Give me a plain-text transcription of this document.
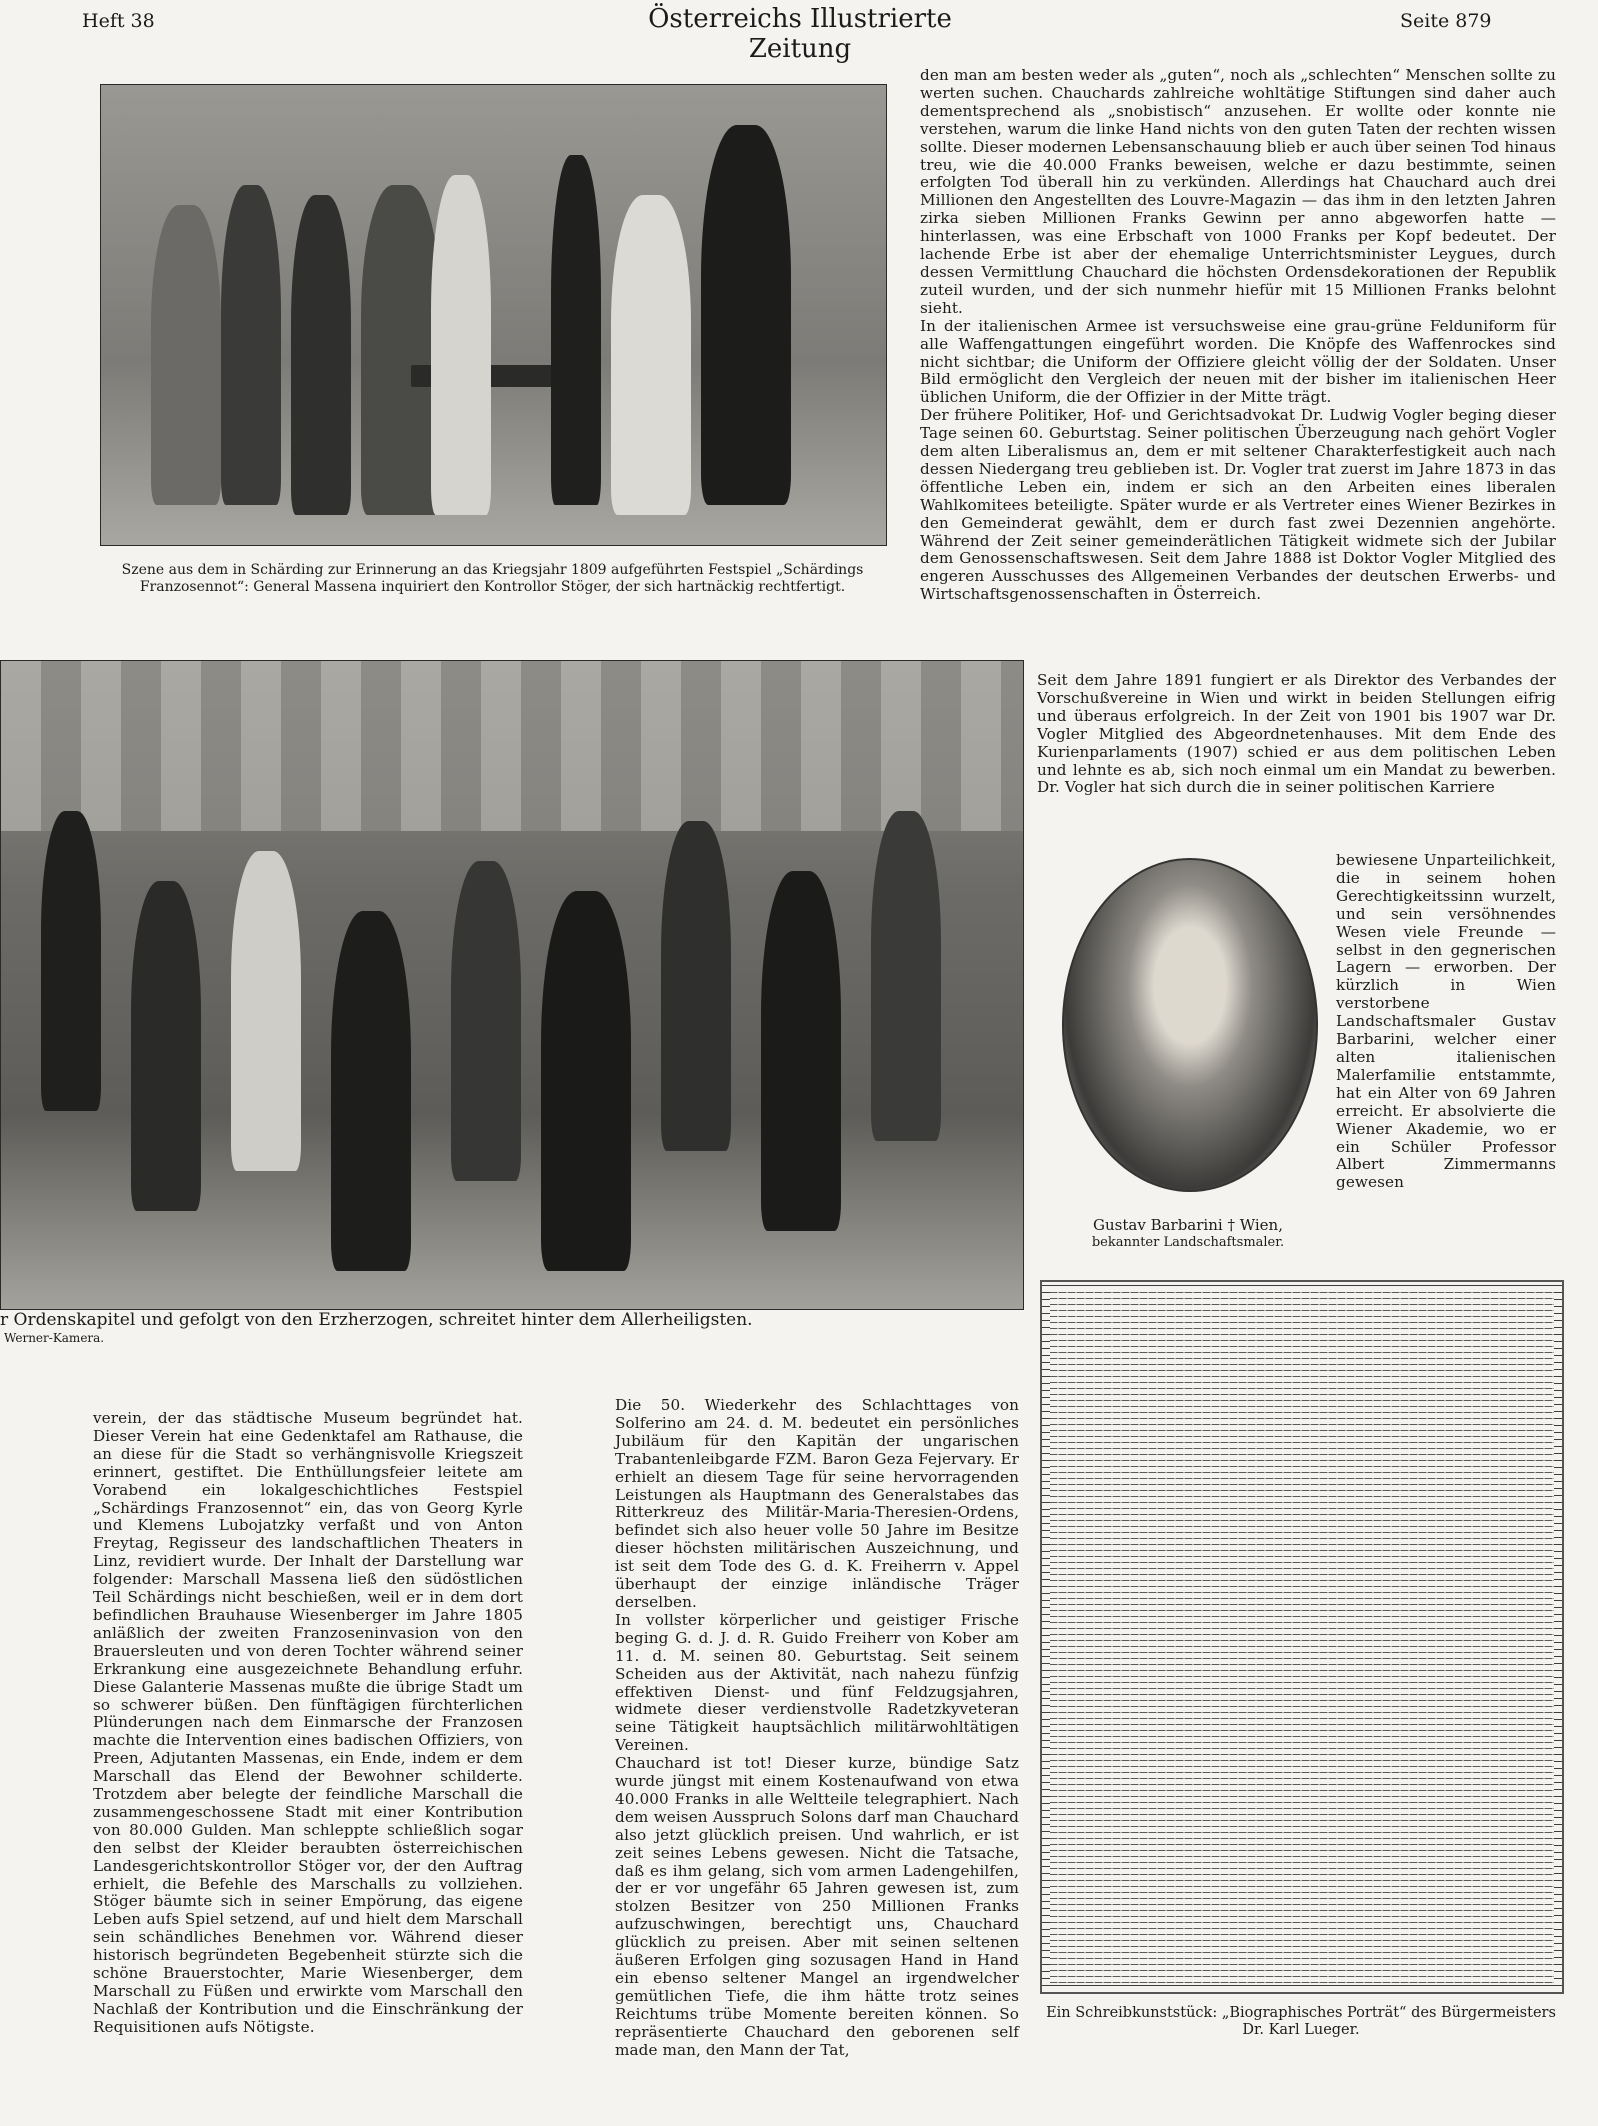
Heft 38	Österreichs Illustrierte Zeitung
Seite 879
Szene aus dem in Schärding zur Erinnerung an das Kriegsjahr 1809 aufgeführten Festspiel „Schärdings Franzosennot“: General Massena inquiriert den Kontrollor Stöger, der sich hartnäckig rechtfertigt.
r Ordenskapitel und gefolgt von den Erzherzogen, schreitet hinter dem Allerheiligsten.
Werner-Kamera.

den man am besten weder als „guten“, noch als „schlechten“ Menschen sollte zu werten suchen. Chauchards zahlreiche wohltätige Stiftungen sind daher auch dementsprechend als „snobistisch“ anzusehen. Er wollte oder konnte nie verstehen, warum die linke Hand nichts von den guten Taten der rechten wissen sollte. Dieser modernen Lebensanschauung blieb er auch über seinen Tod hinaus treu, wie die 40.000 Franks beweisen, welche er dazu bestimmte, seinen erfolgten Tod überall hin zu verkünden. Allerdings hat Chauchard auch drei Millionen den Angestellten des Louvre-Magazin — das ihm in den letzten Jahren zirka sieben Millionen Franks Gewinn per anno abgeworfen hatte — hinterlassen, was eine Erbschaft von 1000 Franks per Kopf bedeutet. Der lachende Erbe ist aber der ehemalige Unterrichtsminister Leygues, durch dessen Vermittlung Chauchard die höchsten Ordensdekorationen der Republik zuteil wurden, und der sich nunmehr hiefür mit 15 Millionen Franks belohnt sieht.

In der italienischen Armee ist versuchsweise eine grau-grüne Felduniform für alle Waffengattungen eingeführt worden. Die Knöpfe des Waffenrockes sind nicht sichtbar; die Uniform der Offiziere gleicht völlig der der Soldaten. Unser Bild ermöglicht den Vergleich der neuen mit der bisher im italienischen Heer üblichen Uniform, die der Offizier in der Mitte trägt.

Der frühere Politiker, Hof- und Gerichtsadvokat Dr. Ludwig Vogler beging dieser Tage seinen 60. Geburtstag. Seiner politischen Überzeugung nach gehört Vogler dem alten Liberalismus an, dem er mit seltener Charakterfestigkeit auch nach dessen Niedergang treu geblieben ist. Dr. Vogler trat zuerst im Jahre 1873 in das öffentliche Leben ein, indem er sich an den Arbeiten eines liberalen Wahlkomitees beteiligte. Später wurde er als Vertreter eines Wiener Bezirkes in den Gemeinderat gewählt, dem er durch fast zwei Dezennien angehörte. Während der Zeit seiner gemeinderätlichen Tätigkeit widmete sich der Jubilar dem Genossenschaftswesen. Seit dem Jahre 1888 ist Doktor Vogler Mitglied des engeren Ausschusses des Allgemeinen Verbandes der deutschen Erwerbs- und Wirtschaftsgenossenschaften in Österreich.

Seit dem Jahre 1891 fungiert er als Direktor des Verbandes der Vorschußvereine in Wien und wirkt in beiden Stellungen eifrig und überaus erfolgreich. In der Zeit von 1901 bis 1907 war Dr. Vogler Mitglied des Abgeordnetenhauses. Mit dem Ende des Kurienparlaments (1907) schied er aus dem politischen Leben und lehnte es ab, sich noch einmal um ein Mandat zu bewerben. Dr. Vogler hat sich durch die in seiner politischen Karriere
Gustav Barbarini † Wien,
bekannter Landschaftsmaler.
bewiesene Unparteilichkeit, die in seinem hohen Gerechtigkeitssinn wurzelt, und sein versöhnendes Wesen viele Freunde — selbst in den gegnerischen Lagern — erworben. Der kürzlich in Wien verstorbene Landschaftsmaler Gustav Barbarini, welcher einer alten italienischen Malerfamilie entstammte, hat ein Alter von 69 Jahren erreicht. Er absolvierte die Wiener Akademie, wo er ein Schüler Professor Albert Zimmermanns gewesen
Ein Schreibkunststück: „Biographisches Porträt“ des Bürgermeisters Dr. Karl Lueger.
verein, der das städtische Museum begründet hat. Dieser Verein hat eine Gedenktafel am Rathause, die an diese für die Stadt so verhängnisvolle Kriegszeit erinnert, gestiftet. Die Enthüllungsfeier leitete am Vorabend ein lokalgeschichtliches Festspiel „Schärdings Franzosennot“ ein, das von Georg Kyrle und Klemens Lubojatzky verfaßt und von Anton Freytag, Regisseur des landschaftlichen Theaters in Linz, revidiert wurde. Der Inhalt der Darstellung war folgender: Marschall Massena ließ den südöstlichen Teil Schärdings nicht beschießen, weil er in dem dort befindlichen Brauhause Wiesenberger im Jahre 1805 anläßlich der zweiten Franzoseninvasion von den Brauersleuten und von deren Tochter während seiner Erkrankung eine ausgezeichnete Behandlung erfuhr. Diese Galanterie Massenas mußte die übrige Stadt um so schwerer büßen. Den fünftägigen fürchterlichen Plünderungen nach dem Einmarsche der Franzosen machte die Intervention eines badischen Offiziers, von Preen, Adjutanten Massenas, ein Ende, indem er dem Marschall das Elend der Bewohner schilderte. Trotzdem aber belegte der feindliche Marschall die zusammengeschossene Stadt mit einer Kontribution von 80.000 Gulden. Man schleppte schließlich sogar den selbst der Kleider beraubten österreichischen Landesgerichtskontrollor Stöger vor, der den Auftrag erhielt, die Befehle des Marschalls zu vollziehen. Stöger bäumte sich in seiner Empörung, das eigene Leben aufs Spiel setzend, auf und hielt dem Marschall sein schändliches Benehmen vor. Während dieser historisch begründeten Begebenheit stürzte sich die schöne Brauerstochter, Marie Wiesenberger, dem Marschall zu Füßen und erwirkte vom Marschall den Nachlaß der Kontribution und die Einschränkung der Requisitionen aufs Nötigste.

Die 50. Wiederkehr des Schlachttages von Solferino am 24. d. M. bedeutet ein persönliches Jubiläum für den Kapitän der ungarischen Trabantenleibgarde FZM. Baron Geza Fejervary. Er erhielt an diesem Tage für seine hervorragenden Leistungen als Hauptmann des Generalstabes das Ritterkreuz des Militär-Maria-Theresien-Ordens, befindet sich also heuer volle 50 Jahre im Besitze dieser höchsten militärischen Auszeichnung, und ist seit dem Tode des G. d. K. Freiherrn v. Appel überhaupt der einzige inländische Träger derselben.

In vollster körperlicher und geistiger Frische beging G. d. J. d. R. Guido Freiherr von Kober am 11. d. M. seinen 80. Geburtstag. Seit seinem Scheiden aus der Aktivität, nach nahezu fünfzig effektiven Dienst- und fünf Feldzugsjahren, widmete dieser verdienstvolle Radetzkyveteran seine Tätigkeit hauptsächlich militärwohltätigen Vereinen.

Chauchard ist tot! Dieser kurze, bündige Satz wurde jüngst mit einem Kostenaufwand von etwa 40.000 Franks in alle Weltteile telegraphiert. Nach dem weisen Ausspruch Solons darf man Chauchard also jetzt glücklich preisen. Und wahrlich, er ist zeit seines Lebens gewesen. Nicht die Tatsache, daß es ihm gelang, sich vom armen Ladengehilfen, der er vor ungefähr 65 Jahren gewesen ist, zum stolzen Besitzer von 250 Millionen Franks aufzuschwingen, berechtigt uns, Chauchard glücklich zu preisen. Aber mit seinen seltenen äußeren Erfolgen ging sozusagen Hand in Hand ein ebenso seltener Mangel an irgendwelcher gemütlichen Tiefe, die ihm hätte trotz seines Reichtums trübe Momente bereiten können. So repräsentierte Chauchard den geborenen self made man, den Mann der Tat,
